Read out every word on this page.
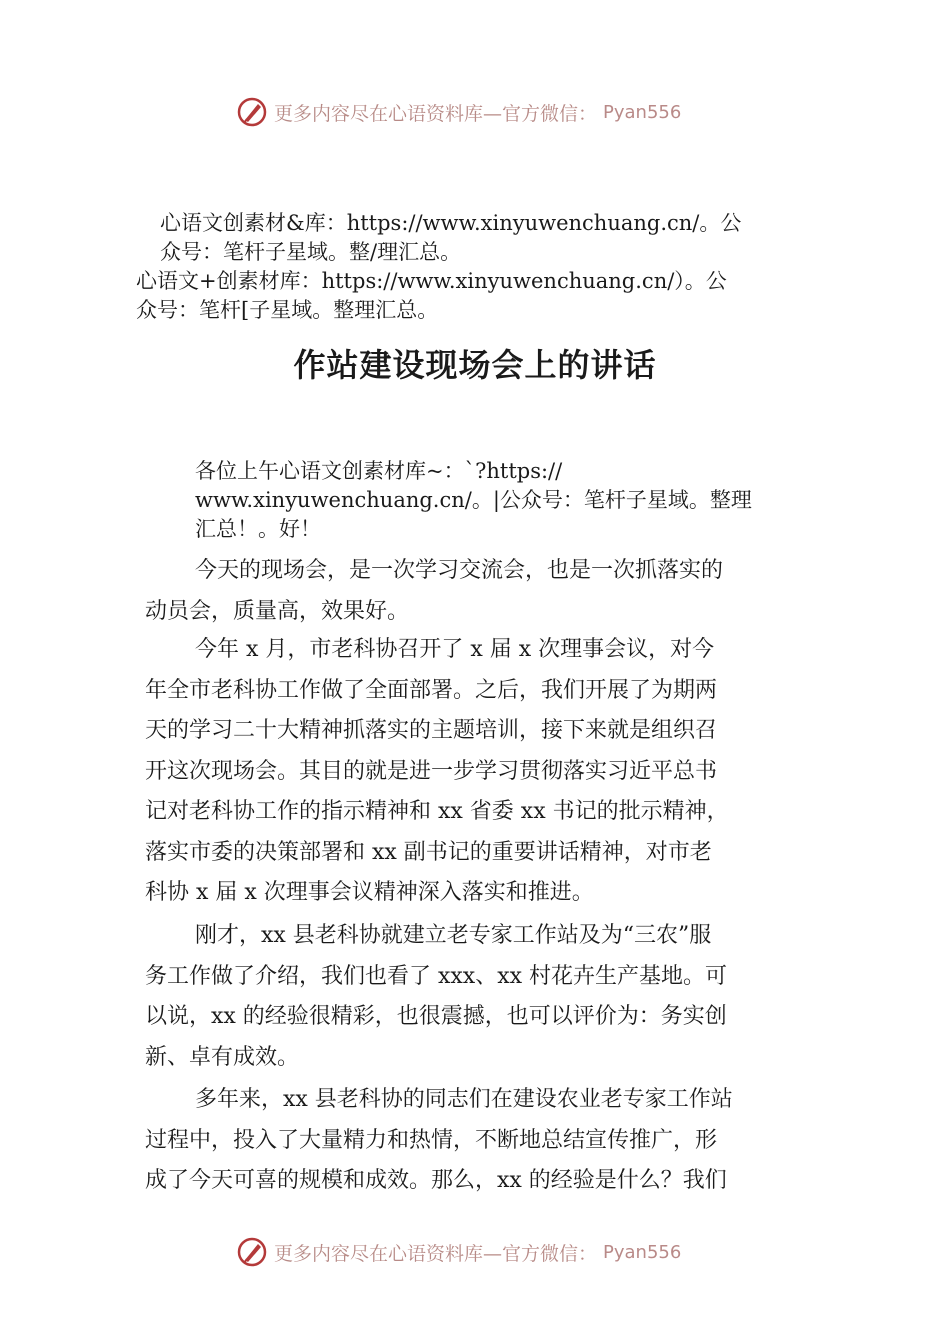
更多内容尽在心语资料库—官方微信： Pyan556
心语文创素材&库：https://www.xinyuwenchuang.cn/。公
众号：笔杆子星域。整/理汇总。
心语文+创素材库：https://www.xinyuwenchuang.cn/）。公
众号：笔杆[子星域。整理汇总。
作站建设现场会上的讲话
各位上午心语文创素材库~：`?https://
www.xinyuwenchuang.cn/。|公众号：笔杆子星域。整理
汇总！。好！
今天的现场会，是一次学习交流会，也是一次抓落实的
动员会，质量高，效果好。
今年 x 月，市老科协召开了 x 届 x 次理事会议，对今
年全市老科协工作做了全面部署。之后，我们开展了为期两
天的学习二十大精神抓落实的主题培训，接下来就是组织召
开这次现场会。其目的就是进一步学习贯彻落实习近平总书
记对老科协工作的指示精神和 xx 省委 xx 书记的批示精神，
落实市委的决策部署和 xx 副书记的重要讲话精神，对市老
科协 x 届 x 次理事会议精神深入落实和推进。
刚才，xx 县老科协就建立老专家工作站及为“三农”服
务工作做了介绍，我们也看了 xxx、xx 村花卉生产基地。可
以说，xx 的经验很精彩，也很震撼，也可以评价为：务实创
新、卓有成效。
多年来，xx 县老科协的同志们在建设农业老专家工作站
过程中，投入了大量精力和热情，不断地总结宣传推广，形
成了今天可喜的规模和成效。那么，xx 的经验是什么？我们
更多内容尽在心语资料库—官方微信： Pyan556
